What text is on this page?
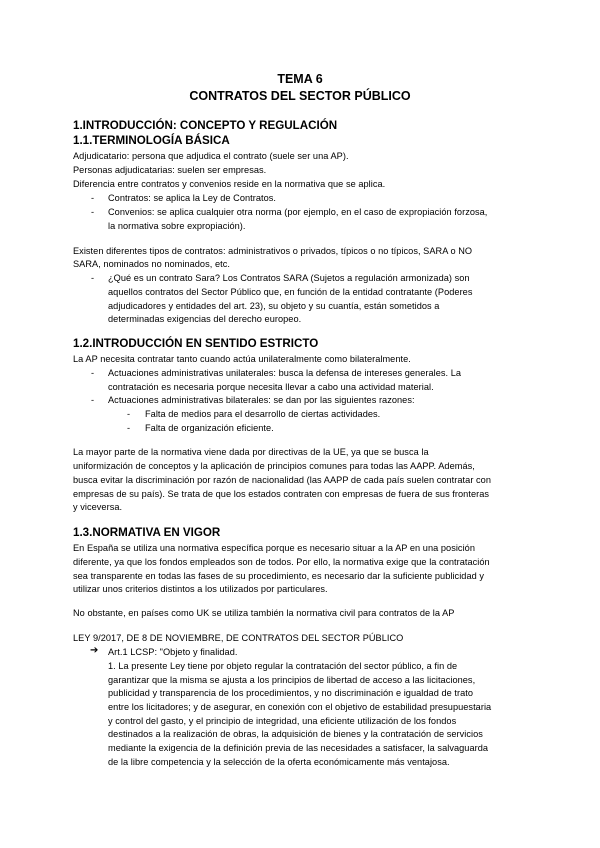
TEMA 6
CONTRATOS DEL SECTOR PÚBLICO
1.INTRODUCCIÓN: CONCEPTO Y REGULACIÓN
1.1.TERMINOLOGÍA BÁSICA
Adjudicatario: persona que adjudica el contrato (suele ser una AP).
Personas adjudicatarias: suelen ser empresas.
Diferencia entre contratos y convenios reside en la normativa que se aplica.
- Contratos: se aplica la Ley de Contratos.
- Convenios: se aplica cualquier otra norma (por ejemplo, en el caso de expropiación forzosa,
la normativa sobre expropiación).
Existen diferentes tipos de contratos: administrativos o privados, típicos o no típicos, SARA o NO
SARA, nominados no nominados, etc.
- ¿Qué es un contrato Sara? Los Contratos SARA (Sujetos a regulación armonizada) son
aquellos contratos del Sector Público que, en función de la entidad contratante (Poderes
adjudicadores y entidades del art. 23), su objeto y su cuantía, están sometidos a
determinadas exigencias del derecho europeo.
1.2.INTRODUCCIÓN EN SENTIDO ESTRICTO
La AP necesita contratar tanto cuando actúa unilateralmente como bilateralmente.
- Actuaciones administrativas unilaterales: busca la defensa de intereses generales. La
contratación es necesaria porque necesita llevar a cabo una actividad material.
- Actuaciones administrativas bilaterales: se dan por las siguientes razones:
- Falta de medios para el desarrollo de ciertas actividades.
- Falta de organización eficiente.
La mayor parte de la normativa viene dada por directivas de la UE, ya que se busca la
uniformización de conceptos y la aplicación de principios comunes para todas las AAPP. Además,
busca evitar la discriminación por razón de nacionalidad (las AAPP de cada país suelen contratar con
empresas de su país). Se trata de que los estados contraten con empresas de fuera de sus fronteras
y viceversa.
1.3.NORMATIVA EN VIGOR
En España se utiliza una normativa específica porque es necesario situar a la AP en una posición
diferente, ya que los fondos empleados son de todos. Por ello, la normativa exige que la contratación
sea transparente en todas las fases de su procedimiento, es necesario dar la suficiente publicidad y
utilizar unos criterios distintos a los utilizados por particulares.
No obstante, en países como UK se utiliza también la normativa civil para contratos de la AP
LEY 9/2017, DE 8 DE NOVIEMBRE, DE CONTRATOS DEL SECTOR PÚBLICO
➔ Art.1 LCSP: "Objeto y finalidad.
1. La presente Ley tiene por objeto regular la contratación del sector público, a fin de
garantizar que la misma se ajusta a los principios de libertad de acceso a las licitaciones,
publicidad y transparencia de los procedimientos, y no discriminación e igualdad de trato
entre los licitadores; y de asegurar, en conexión con el objetivo de estabilidad presupuestaria
y control del gasto, y el principio de integridad, una eficiente utilización de los fondos
destinados a la realización de obras, la adquisición de bienes y la contratación de servicios
mediante la exigencia de la definición previa de las necesidades a satisfacer, la salvaguarda
de la libre competencia y la selección de la oferta económicamente más ventajosa.
